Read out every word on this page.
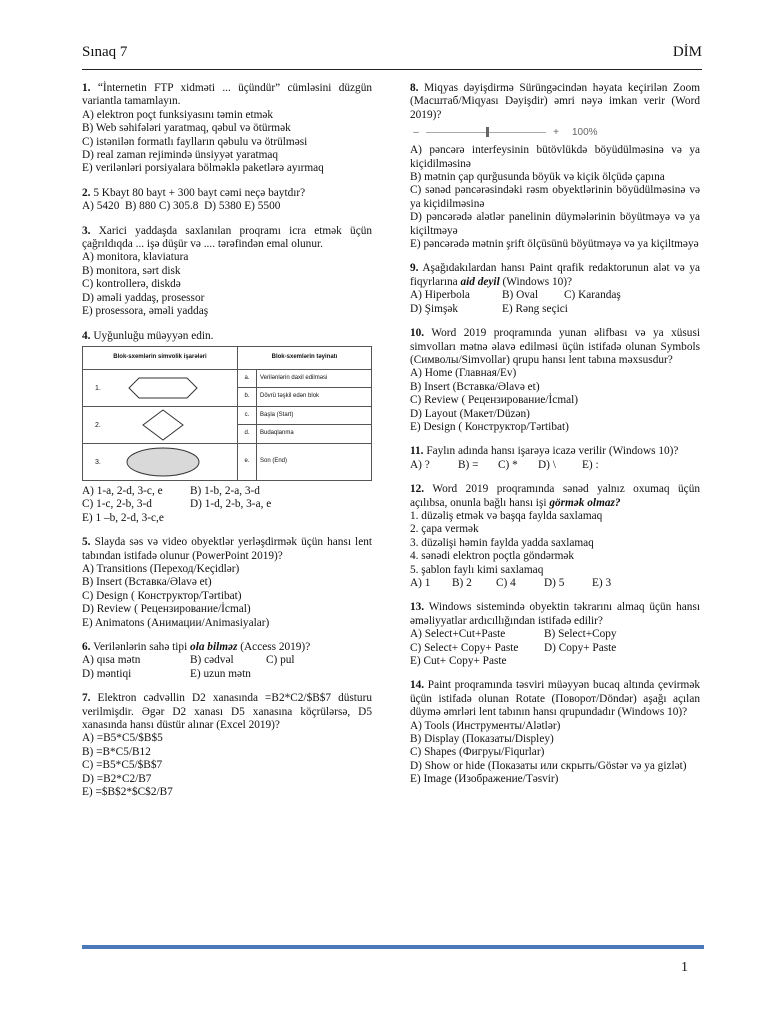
Sınaq 7	DİM
1. “İnternetin FTP xidməti ... üçündür” cümləsini düzgün variantla tamamlayın.
A) elektron poçt funksiyasını təmin etmək
B) Web səhifələri yaratmaq, qəbul və ötürmək
C) istənilən formatlı faylların qəbulu və ötrülməsi
D) real zaman rejimində ünsiyyət yaratmaq
E) verilənləri porsiyalara bölməklə paketlərə ayırmaq
2. 5 Kbayt 80 bayt + 300 bayt cəmi neçə baytdır?
A) 5420
B) 880
C) 305.8
D) 5380
E) 5500
3. Xarici yaddaşda saxlanılan proqramı icra etmək üçün çağrıldıqda ... işə düşür və .... tərəfindən emal olunur.
A) monitora, klaviatura
B) monitora, sərt disk
C) kontrollerə, diskdə
D) əməli yaddaş, prosessor
E) prosessora, əməli yaddaş
4. Uyğunluğu müəyyən edin.
Blok-sxemlərin simvolik işarələri	Blok-sxemlərin təyinatı	

1.	a.	Verilənlərin daxil edilməsi
	b.	Dövrü təşkil edən blok

2.	c.	Başla (Start)
	d.	Budaqlanma

3.	e.	Son (End)
A) 1-a, 2-d, 3-c, e	B) 1-b, 2-a, 3-d
C) 1-c, 2-b, 3-d	D) 1-d, 2-b, 3-a, e
E) 1 –b, 2-d, 3-c,e
5. Slayda səs və video obyektlər yerləşdirmək üçün hansı lent tabından istifadə olunur (PowerPoint 2019)?
A) Transitions (Переход/Keçidlər)
B) Insert (Вставка/Əlavə et)
C) Design ( Конструктор/Tərtibat)
D) Review ( Рецензирование/İcmal)
E) Animatons (Анимации/Animasiyalar)
6. Verilənlərin sahə tipi ola bilməz (Access 2019)?
A) qısa mətn	B) cədvəl	C) pul
D) məntiqi	E) uzun mətn
7. Elektron cədvəllin D2 xanasında =B2*C2/$B$7 düsturu verilmişdir. Əgər D2 xanası D5 xanasına köçrülərsə, D5 xanasında hansı düstür alınar (Excel 2019)?
A) =B5*C5/$B$5
B) =B*C5/B12
C) =B5*C5/$B$7
D) =B2*C2/B7
E) =$B$2*$C$2/B7
8. Miqyas dəyişdirmə Sürüngəcindən həyata keçirilən Zoom (Масштаб/Miqyası Dəyişdir) əmri nəyə imkan verir (Word 2019)?
–	+	100%
A) pəncərə interfeysinin bütövlükdə böyüdülməsinə və ya kiçidilməsinə
B) mətnin çap qurğusunda böyük və kiçik ölçüdə çapına
C) sənəd pəncərəsindəki rəsm obyektlərinin böyüdülməsinə və ya kiçidilməsinə
D) pəncərədə alətlər panelinin düymələrinin böyütməyə və ya kiçiltməyə
E) pəncərədə mətnin şrift ölçüsünü böyütməyə və ya kiçiltməyə
9. Aşağıdakılardan hansı Paint qrafik redaktorunun alət və ya fiqyrlarına aid deyil (Windows 10)?
A) Hiperbola	B) Oval	C) Karandaş
D) Şimşək	E) Rəng seçici
10. Word 2019 proqramında yunan əlifbası və ya xüsusi simvolları mətnə əlavə edilməsi üçün istifadə olunan Symbols (Символы/Simvollar) qrupu hansı lent tabına məxsusdur?
A) Home (Главная/Ev)
B) Insert (Вставка/Əlavə et)
C) Review ( Рецензирование/İcmal)
D) Layout (Макет/Düzən)
E) Design ( Конструктор/Tərtibat)
11. Faylın adında hansı işarəyə icazə verilir (Windows 10)?
A) ?	B) =	C) *	D) \	E) :
12. Word 2019 proqramında sənəd yalnız oxumaq üçün açılıbsa, onunla bağlı hansı işi görmək olmaz?
1. düzəliş etmək və başqa faylda saxlamaq
2. çapa vermək
3. düzəlişi həmin faylda yadda saxlamaq
4. sənədi elektron poçtla göndərmək
5. şablon faylı kimi saxlamaq
A) 1	B) 2	C) 4	D) 5	E) 3
13. Windows sistemində obyektin təkrarını almaq üçün hansı əməliyyatlar ardıcıllığından istifadə edilir?
A) Select+Cut+Paste	B) Select+Copy
C) Select+ Copy+ Paste	D) Copy+ Paste
E) Cut+ Copy+ Paste
14. Paint proqramında təsviri müəyyən bucaq altında çevirmək üçün istifadə olunan Rotate (Поворот/Döndər) aşağı açılan düymə əmrləri lent tabının hansı qrupundadır (Windows 10)?
A) Tools (Инструменты/Alətlər)
B) Display (Показаты/Displey)
C) Shapes (Фигруы/Fiqurlar)
D) Show or hide (Показаты или скрыть/Göstər və ya gizlət)
E) Image (Изображение/Təsvir)
1
